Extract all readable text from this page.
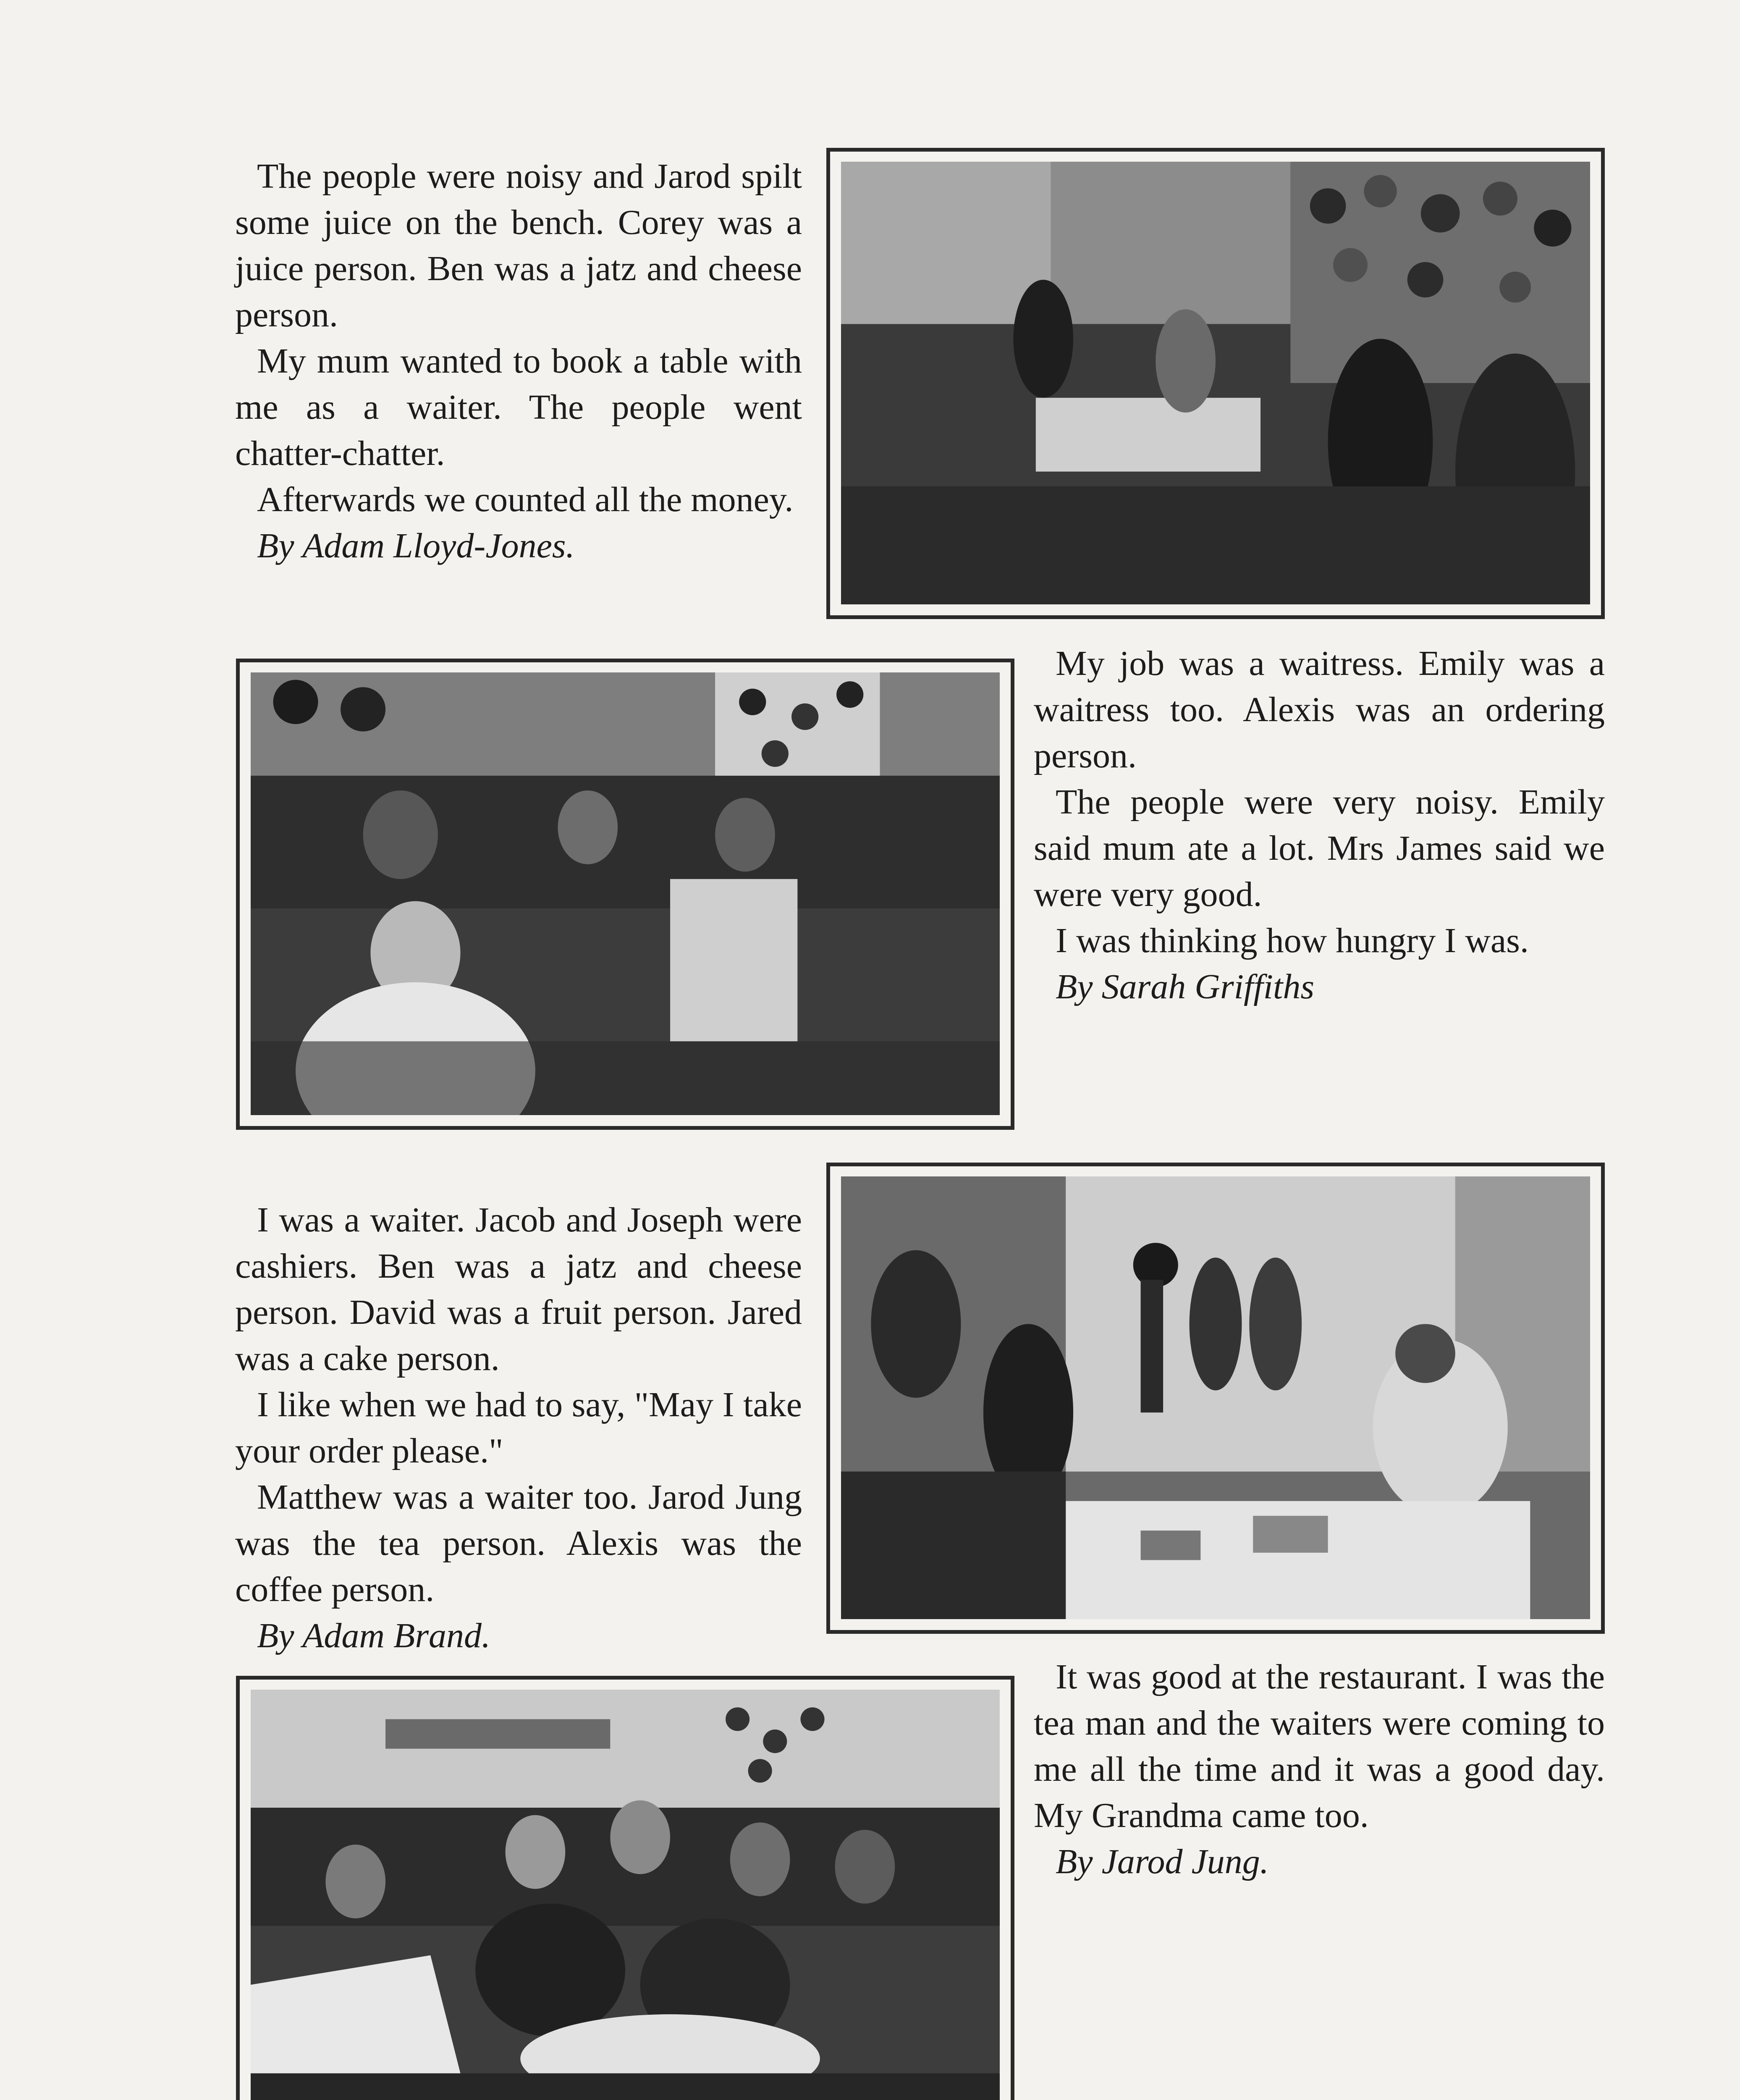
The people were noisy and Jarod spilt some juice on the bench. Corey was a juice person. Ben was a jatz and cheese person.

My mum wanted to book a table with me as a waiter. The people went chatter-chatter.

Afterwards we counted all the money.

By Adam Lloyd-Jones.

My job was a waitress. Emily was a waitress too. Alexis was an ordering person.

The people were very noisy. Emily said mum ate a lot. Mrs James said we were very good.

I was thinking how hungry I was.

By Sarah Griffiths

I was a waiter. Jacob and Joseph were cashiers. Ben was a jatz and cheese person. David was a fruit person. Jared was a cake person.

I like when we had to say, "May I take your order please."

Matthew was a waiter too. Jarod Jung was the tea person. Alexis was the coffee person.

By Adam Brand.

It was good at the restaurant. I was the tea man and the waiters were coming to me all the time and it was a good day. My Grandma came too.

By Jarod Jung.
